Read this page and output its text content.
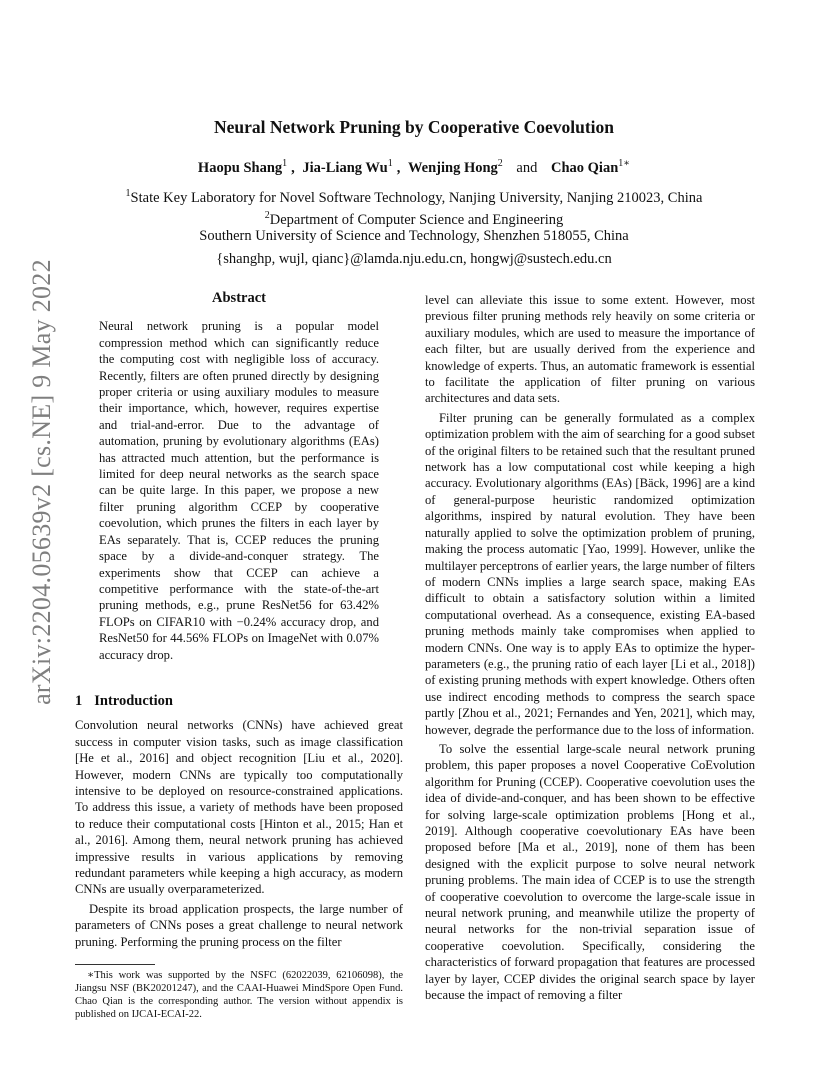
arXiv:2204.05639v2 [cs.NE] 9 May 2022
Neural Network Pruning by Cooperative Coevolution
Haopu Shang$^1$ , Jia-Liang Wu$^1$ , Wenjing Hong$^2$ and Chao Qian$^{1∗}$
$^1$State Key Laboratory for Novel Software Technology, Nanjing University, Nanjing 210023, China
$^2$Department of Computer Science and Engineering
Southern University of Science and Technology, Shenzhen 518055, China
{shanghp, wujl, qianc}@lamda.nju.edu.cn, hongwj@sustech.edu.cn
Abstract

Neural network pruning is a popular model compression method which can significantly reduce the computing cost with negligible loss of accuracy. Recently, filters are often pruned directly by designing proper criteria or using auxiliary modules to measure their importance, which, however, requires expertise and trial-and-error. Due to the advantage of automation, pruning by evolutionary algorithms (EAs) has attracted much attention, but the performance is limited for deep neural networks as the search space can be quite large. In this paper, we propose a new filter pruning algorithm CCEP by cooperative coevolution, which prunes the filters in each layer by EAs separately. That is, CCEP reduces the pruning space by a divide-and-conquer strategy. The experiments show that CCEP can achieve a competitive performance with the state-of-the-art pruning methods, e.g., prune ResNet56 for 63.42% FLOPs on CIFAR10 with −0.24% accuracy drop, and ResNet50 for 44.56% FLOPs on ImageNet with 0.07% accuracy drop.

1 Introduction

Convolution neural networks (CNNs) have achieved great success in computer vision tasks, such as image classification [He et al., 2016] and object recognition [Liu et al., 2020]. However, modern CNNs are typically too computationally intensive to be deployed on resource-constrained applications. To address this issue, a variety of methods have been proposed to reduce their computational costs [Hinton et al., 2015; Han et al., 2016]. Among them, neural network pruning has achieved impressive results in various applications by removing redundant parameters while keeping a high accuracy, as modern CNNs are usually overparameterized.

Despite its broad application prospects, the large number of parameters of CNNs poses a great challenge to neural network pruning. Performing the pruning process on the filter

∗This work was supported by the NSFC (62022039, 62106098), the Jiangsu NSF (BK20201247), and the CAAI-Huawei MindSpore Open Fund. Chao Qian is the corresponding author. The version without appendix is published on IJCAI-ECAI-22.

level can alleviate this issue to some extent. However, most previous filter pruning methods rely heavily on some criteria or auxiliary modules, which are used to measure the importance of each filter, but are usually derived from the experience and knowledge of experts. Thus, an automatic framework is essential to facilitate the application of filter pruning on various architectures and data sets.

Filter pruning can be generally formulated as a complex optimization problem with the aim of searching for a good subset of the original filters to be retained such that the resultant pruned network has a low computational cost while keeping a high accuracy. Evolutionary algorithms (EAs) [Bäck, 1996] are a kind of general-purpose heuristic randomized optimization algorithms, inspired by natural evolution. They have been naturally applied to solve the optimization problem of pruning, making the process automatic [Yao, 1999]. However, unlike the multilayer perceptrons of earlier years, the large number of filters of modern CNNs implies a large search space, making EAs difficult to obtain a satisfactory solution within a limited computational overhead. As a consequence, existing EA-based pruning methods mainly take compromises when applied to modern CNNs. One way is to apply EAs to optimize the hyper-parameters (e.g., the pruning ratio of each layer [Li et al., 2018]) of existing pruning methods with expert knowledge. Others often use indirect encoding methods to compress the search space partly [Zhou et al., 2021; Fernandes and Yen, 2021], which may, however, degrade the performance due to the loss of information.

To solve the essential large-scale neural network pruning problem, this paper proposes a novel Cooperative CoEvolution algorithm for Pruning (CCEP). Cooperative coevolution uses the idea of divide-and-conquer, and has been shown to be effective for solving large-scale optimization problems [Hong et al., 2019]. Although cooperative coevolutionary EAs have been proposed before [Ma et al., 2019], none of them has been designed with the explicit purpose to solve neural network pruning problems. The main idea of CCEP is to use the strength of cooperative coevolution to overcome the large-scale issue in neural network pruning, and meanwhile utilize the property of neural networks for the non-trivial separation issue of cooperative coevolution. Specifically, considering the characteristics of forward propagation that features are processed layer by layer, CCEP divides the original search space by layer because the impact of removing a filter
